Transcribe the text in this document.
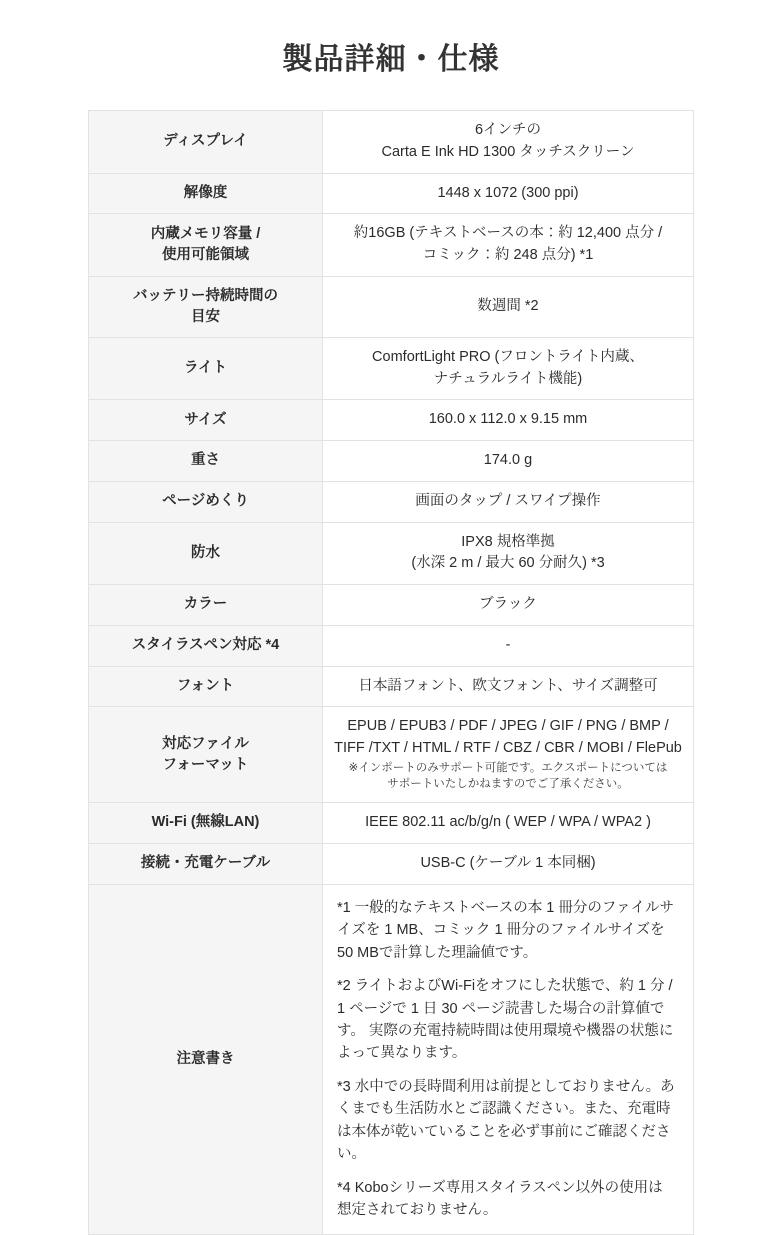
製品詳細・仕様
ディスプレイ	6インチの
Carta E Ink HD 1300 タッチスクリーン

解像度	1448 x 1072 (300 ppi)

内蔵メモリ容量 /
使用可能領域	約16GB (テキストベースの本：約 12,400 点分 /
コミック：約 248 点分) *1

バッテリー持続時間の
目安	数週間 *2

ライト	ComfortLight PRO (フロントライト内蔵、
ナチュラルライト機能)

サイズ	160.0 x 112.0 x 9.15 mm

重さ	174.0 g

ページめくり	画面のタップ / スワイプ操作

防水	IPX8 規格準拠
(水深 2 m / 最大 60 分耐久) *3

カラー	ブラック

スタイラスペン対応 *4	-

フォント	日本語フォント、欧文フォント、サイズ調整可

対応ファイル
フォーマット	EPUB / EPUB3 / PDF / JPEG / GIF / PNG / BMP /
TIFF /TXT / HTML / RTF / CBZ / CBR / MOBI / FlePub
※インポートのみサポート可能です。エクスポートについては
サポートいたしかねますのでご了承ください。

Wi-Fi (無線LAN)	IEEE 802.11 ac/b/g/n ( WEP / WPA / WPA2 )

接続・充電ケーブル	USB-C (ケーブル 1 本同梱)

注意書き	*1 一般的なテキストベースの本 1 冊分のファイルサイズを 1 MB、コミック 1 冊分のファイルサイズを 50 MBで計算した理論値です。

*2 ライトおよびWi-Fiをオフにした状態で、約 1 分 / 1 ページで 1 日 30 ページ読書した場合の計算値です。 実際の充電持続時間は使用環境や機器の状態によって異なります。

*3 水中での長時間利用は前提としておりません。あくまでも生活防水とご認識ください。また、充電時は本体が乾いていることを必ず事前にご確認ください。

*4 Koboシリーズ専用スタイラスペン以外の使用は想定されておりません。
